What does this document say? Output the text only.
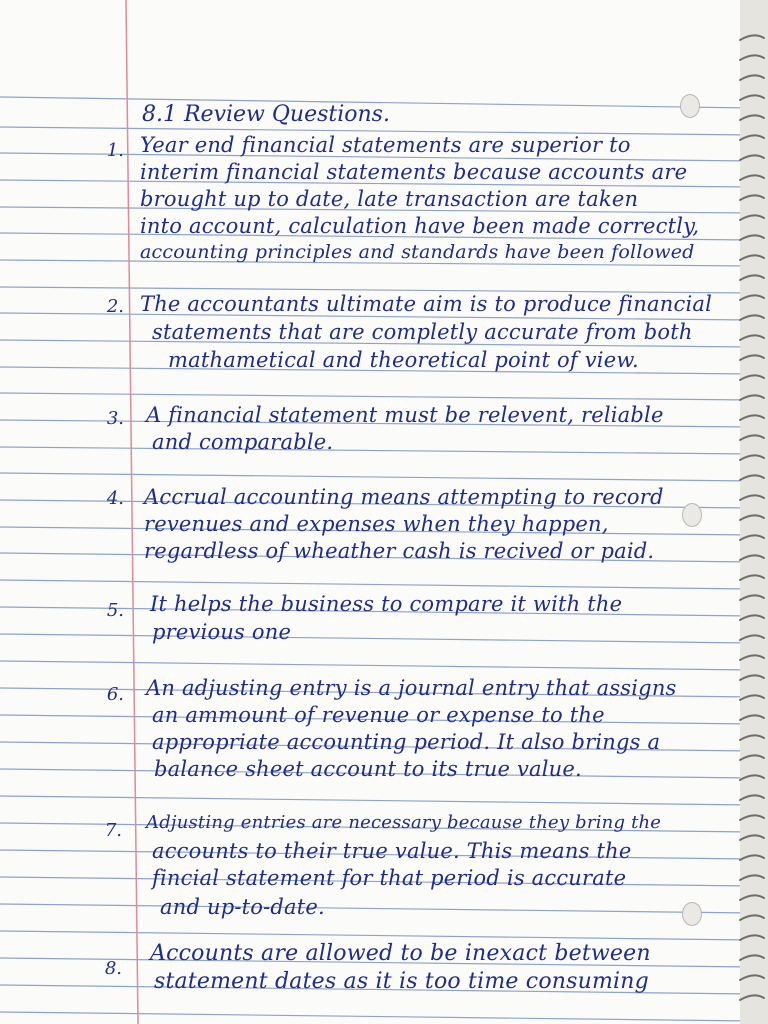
8.1 Review Questions.
1. Year end financial statements are superior to
interim financial statements because accounts are
brought up to date, late transaction are taken
into account, calculation have been made correctly,
accounting principles and standards have been followed
2. The accountants ultimate aim is to produce financial
statements that are completly accurate from both
mathametical and theoretical point of view.
3. A financial statement must be relevent, reliable
and comparable.
4. Accrual accounting means attempting to record
revenues and expenses when they happen,
regardless of wheather cash is recived or paid.
5. It helps the business to compare it with the
previous one
6. An adjusting entry is a journal entry that assigns
an ammount of revenue or expense to the
appropriate accounting period. It also brings a
balance sheet account to its true value.
7. Adjusting entries are necessary because they bring the
accounts to their true value. This means the
fincial statement for that period is accurate
and up-to-date.
8.
Accounts are allowed to be inexact between
statement dates as it is too time consuming
